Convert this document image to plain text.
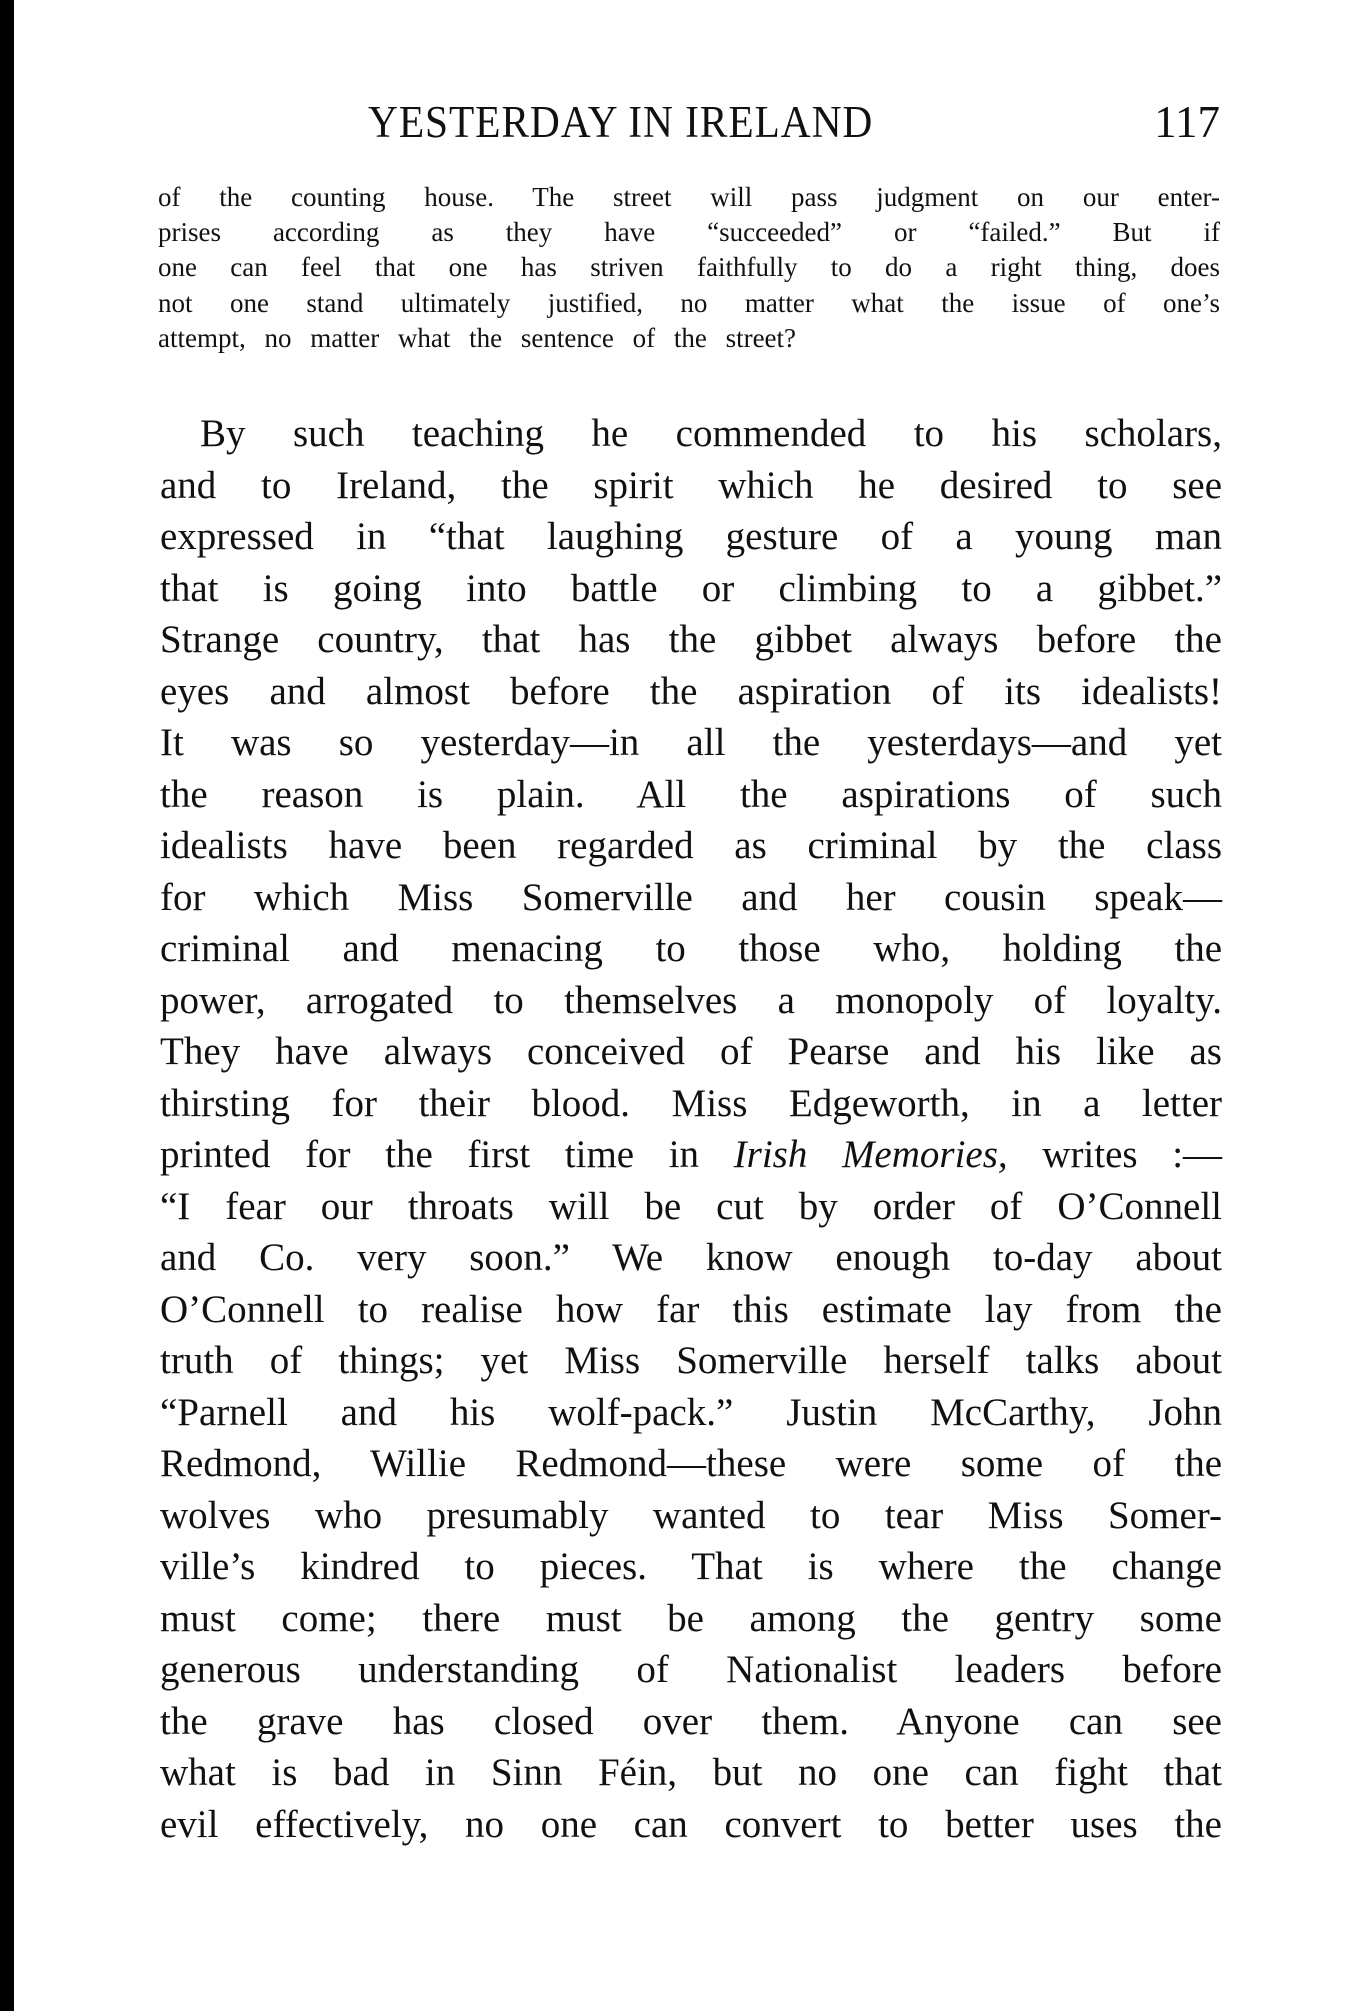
YESTERDAY IN IRELAND	117
of the counting house. The street will pass judgment on our enter-
prises according as they have “succeeded” or “failed.” But if
one can feel that one has striven faithfully to do a right thing, does
not one stand ultimately justified, no matter what the issue of one’s
attempt, no matter what the sentence of the street?
By such teaching he commended to his scholars,
and to Ireland, the spirit which he desired to see
expressed in “that laughing gesture of a young man
that is going into battle or climbing to a gibbet.”
Strange country, that has the gibbet always before the
eyes and almost before the aspiration of its idealists!
It was so yesterday—in all the yesterdays—and yet
the reason is plain. All the aspirations of such
idealists have been regarded as criminal by the class
for which Miss Somerville and her cousin speak—
criminal and menacing to those who, holding the
power, arrogated to themselves a monopoly of loyalty.
They have always conceived of Pearse and his like as
thirsting for their blood. Miss Edgeworth, in a letter
printed for the first time in Irish Memories, writes :—
“I fear our throats will be cut by order of O’Connell
and Co. very soon.” We know enough to-day about
O’Connell to realise how far this estimate lay from the
truth of things; yet Miss Somerville herself talks about
“Parnell and his wolf-pack.” Justin McCarthy, John
Redmond, Willie Redmond—these were some of the
wolves who presumably wanted to tear Miss Somer-
ville’s kindred to pieces. That is where the change
must come; there must be among the gentry some
generous understanding of Nationalist leaders before
the grave has closed over them. Anyone can see
what is bad in Sinn Féin, but no one can fight that
evil effectively, no one can convert to better uses the
